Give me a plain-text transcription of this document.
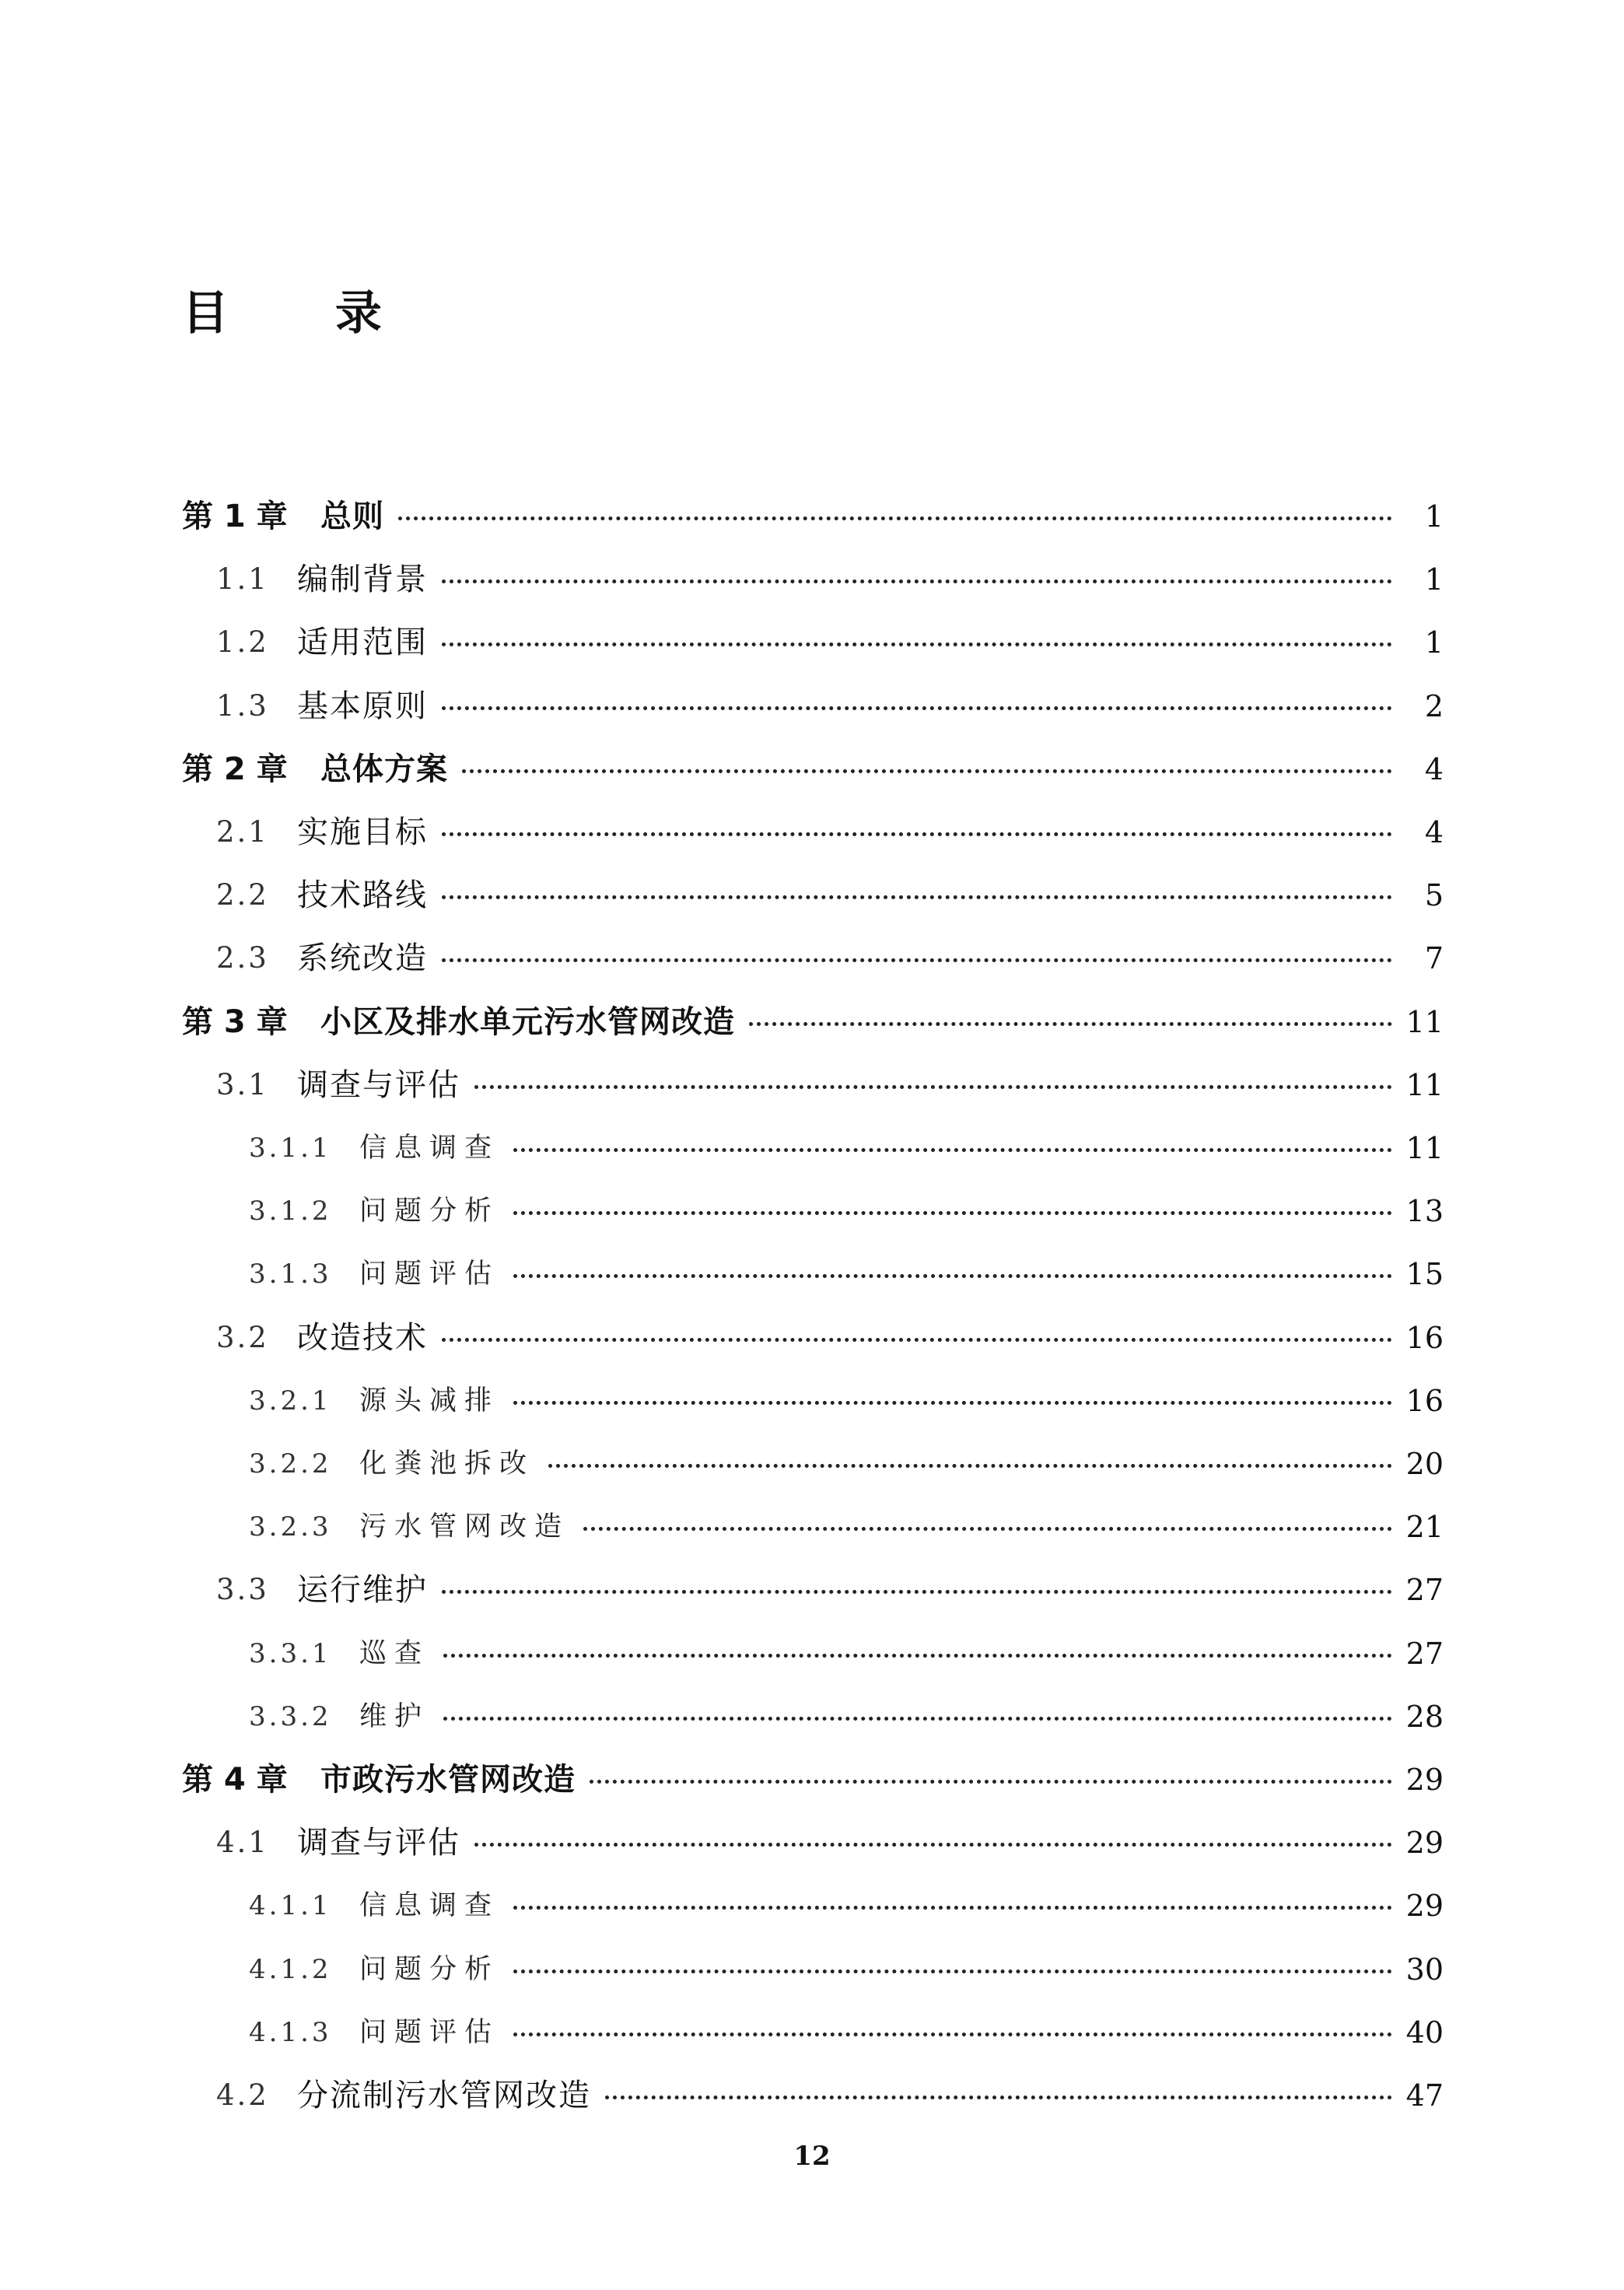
目 录
第 1 章 总则	1
1.1 编制背景	1
1.2 适用范围	1
1.3 基本原则	2
第 2 章 总体方案	4
2.1 实施目标	4
2.2 技术路线	5
2.3 系统改造	7
第 3 章 小区及排水单元污水管网改造	11
3.1 调查与评估	11
3.1.1 信息调查	11
3.1.2 问题分析	13
3.1.3 问题评估	15
3.2 改造技术	16
3.2.1 源头减排	16
3.2.2 化粪池拆改	20
3.2.3 污水管网改造	21
3.3 运行维护	27
3.3.1 巡查	27
3.3.2 维护	28
第 4 章 市政污水管网改造	29
4.1 调查与评估	29
4.1.1 信息调查	29
4.1.2 问题分析	30
4.1.3 问题评估	40
4.2 分流制污水管网改造	47
12
